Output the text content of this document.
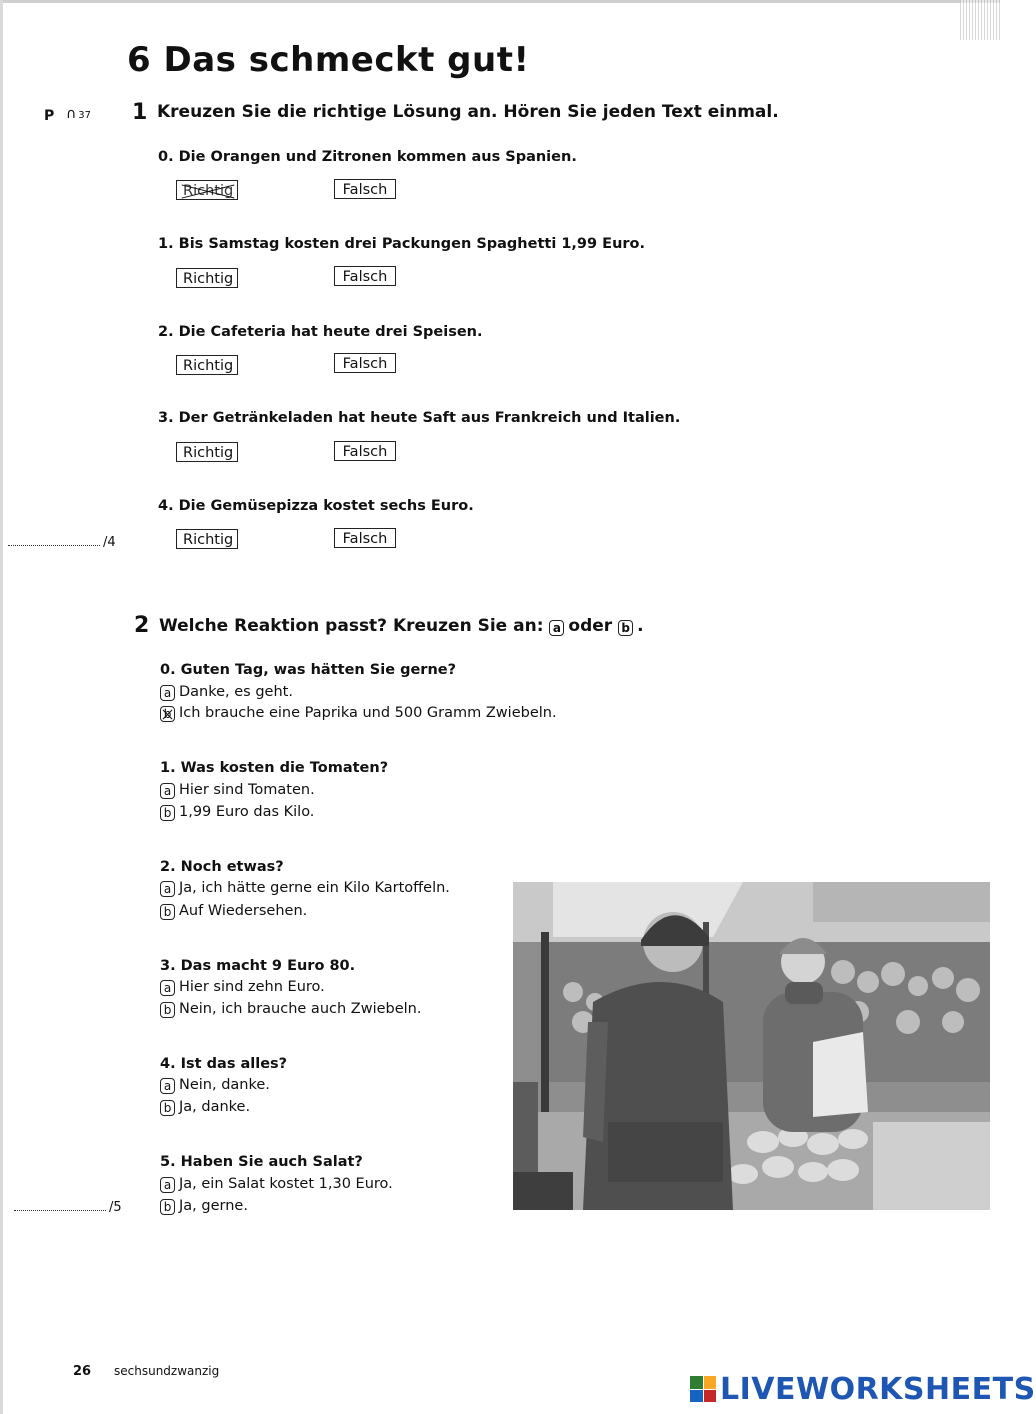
6 Das schmeckt gut!
P ∩ 37 1 Kreuzen Sie die richtige Lösung an. Hören Sie jeden Text einmal.
0. Die Orangen und Zitronen kommen aus Spanien.
Richtig	Falsch
1. Bis Samstag kosten drei Packungen Spaghetti 1,99 Euro.
Richtig	Falsch
2. Die Cafeteria hat heute drei Speisen.
Richtig	Falsch
3. Der Getränkeladen hat heute Saft aus Frankreich und Italien.
Richtig	Falsch
4. Die Gemüsepizza kostet sechs Euro.
Richtig	Falsch
/4
2 Welche Reaktion passt? Kreuzen Sie an: a oder b .
0. Guten Tag, was hätten Sie gerne?
a Danke, es geht.
b Ich brauche eine Paprika und 500 Gramm Zwiebeln.
1. Was kosten die Tomaten?
a Hier sind Tomaten.
b 1,99 Euro das Kilo.
2. Noch etwas?
a Ja, ich hätte gerne ein Kilo Kartoffeln.
b Auf Wiedersehen.
3. Das macht 9 Euro 80.
a Hier sind zehn Euro.
b Nein, ich brauche auch Zwiebeln.
4. Ist das alles?
a Nein, danke.
b Ja, danke.
5. Haben Sie auch Salat?
a Ja, ein Salat kostet 1,30 Euro.
b Ja, gerne.
/5
26 sechsundzwanzig
LIVEWORKSHEETS
